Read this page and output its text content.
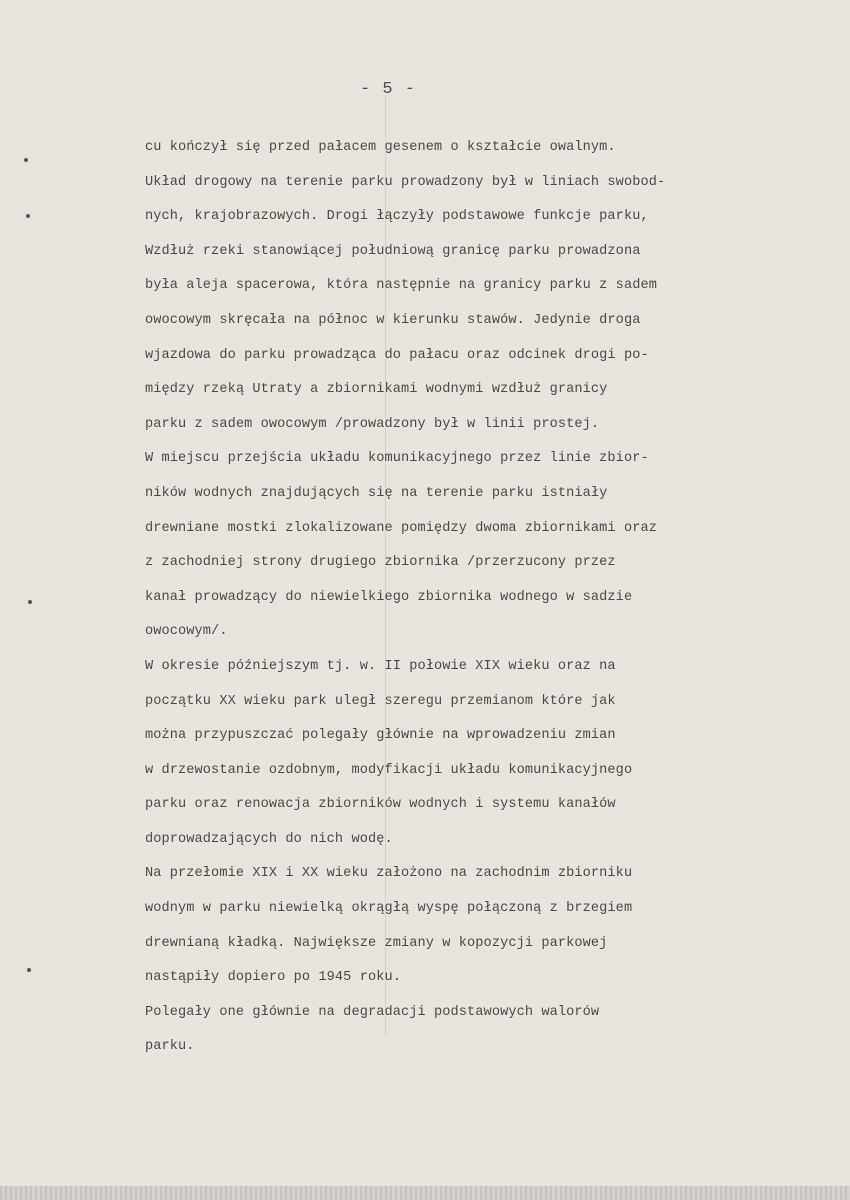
- 5 -
cu kończył się przed pałacem gesenem o kształcie owalnym.
Układ drogowy na terenie parku prowadzony był w liniach swobod-
nych, krajobrazowych. Drogi łączyły podstawowe funkcje parku,
Wzdłuż rzeki stanowiącej południową granicę parku prowadzona
była aleja spacerowa, która następnie na granicy parku z sadem
owocowym skręcała na północ w kierunku stawów. Jedynie droga
wjazdowa do parku prowadząca do pałacu oraz odcinek drogi po-
między rzeką Utraty a zbiornikami wodnymi wzdłuż granicy
parku z sadem owocowym /prowadzony był w linii prostej.
W miejscu przejścia układu komunikacyjnego przez linie zbior-
ników wodnych znajdujących się na terenie parku istniały
drewniane mostki zlokalizowane pomiędzy dwoma zbiornikami oraz
z zachodniej strony drugiego zbiornika /przerzucony przez
kanał prowadzący do niewielkiego zbiornika wodnego w sadzie
owocowym/.
W okresie późniejszym tj. w. II połowie XIX wieku oraz na
początku XX wieku park uległ szeregu przemianom które jak
można przypuszczać polegały głównie na wprowadzeniu zmian
w drzewostanie ozdobnym, modyfikacji układu komunikacyjnego
parku oraz renowacja zbiorników wodnych i systemu kanałów
doprowadzających do nich wodę.
Na przełomie XIX i XX wieku założono na zachodnim zbiorniku
wodnym w parku niewielką okrągłą wyspę połączoną z brzegiem
drewnianą kładką. Największe zmiany w kopozycji parkowej
nastąpiły dopiero po 1945 roku.
Polegały one głównie na degradacji podstawowych walorów
parku.
